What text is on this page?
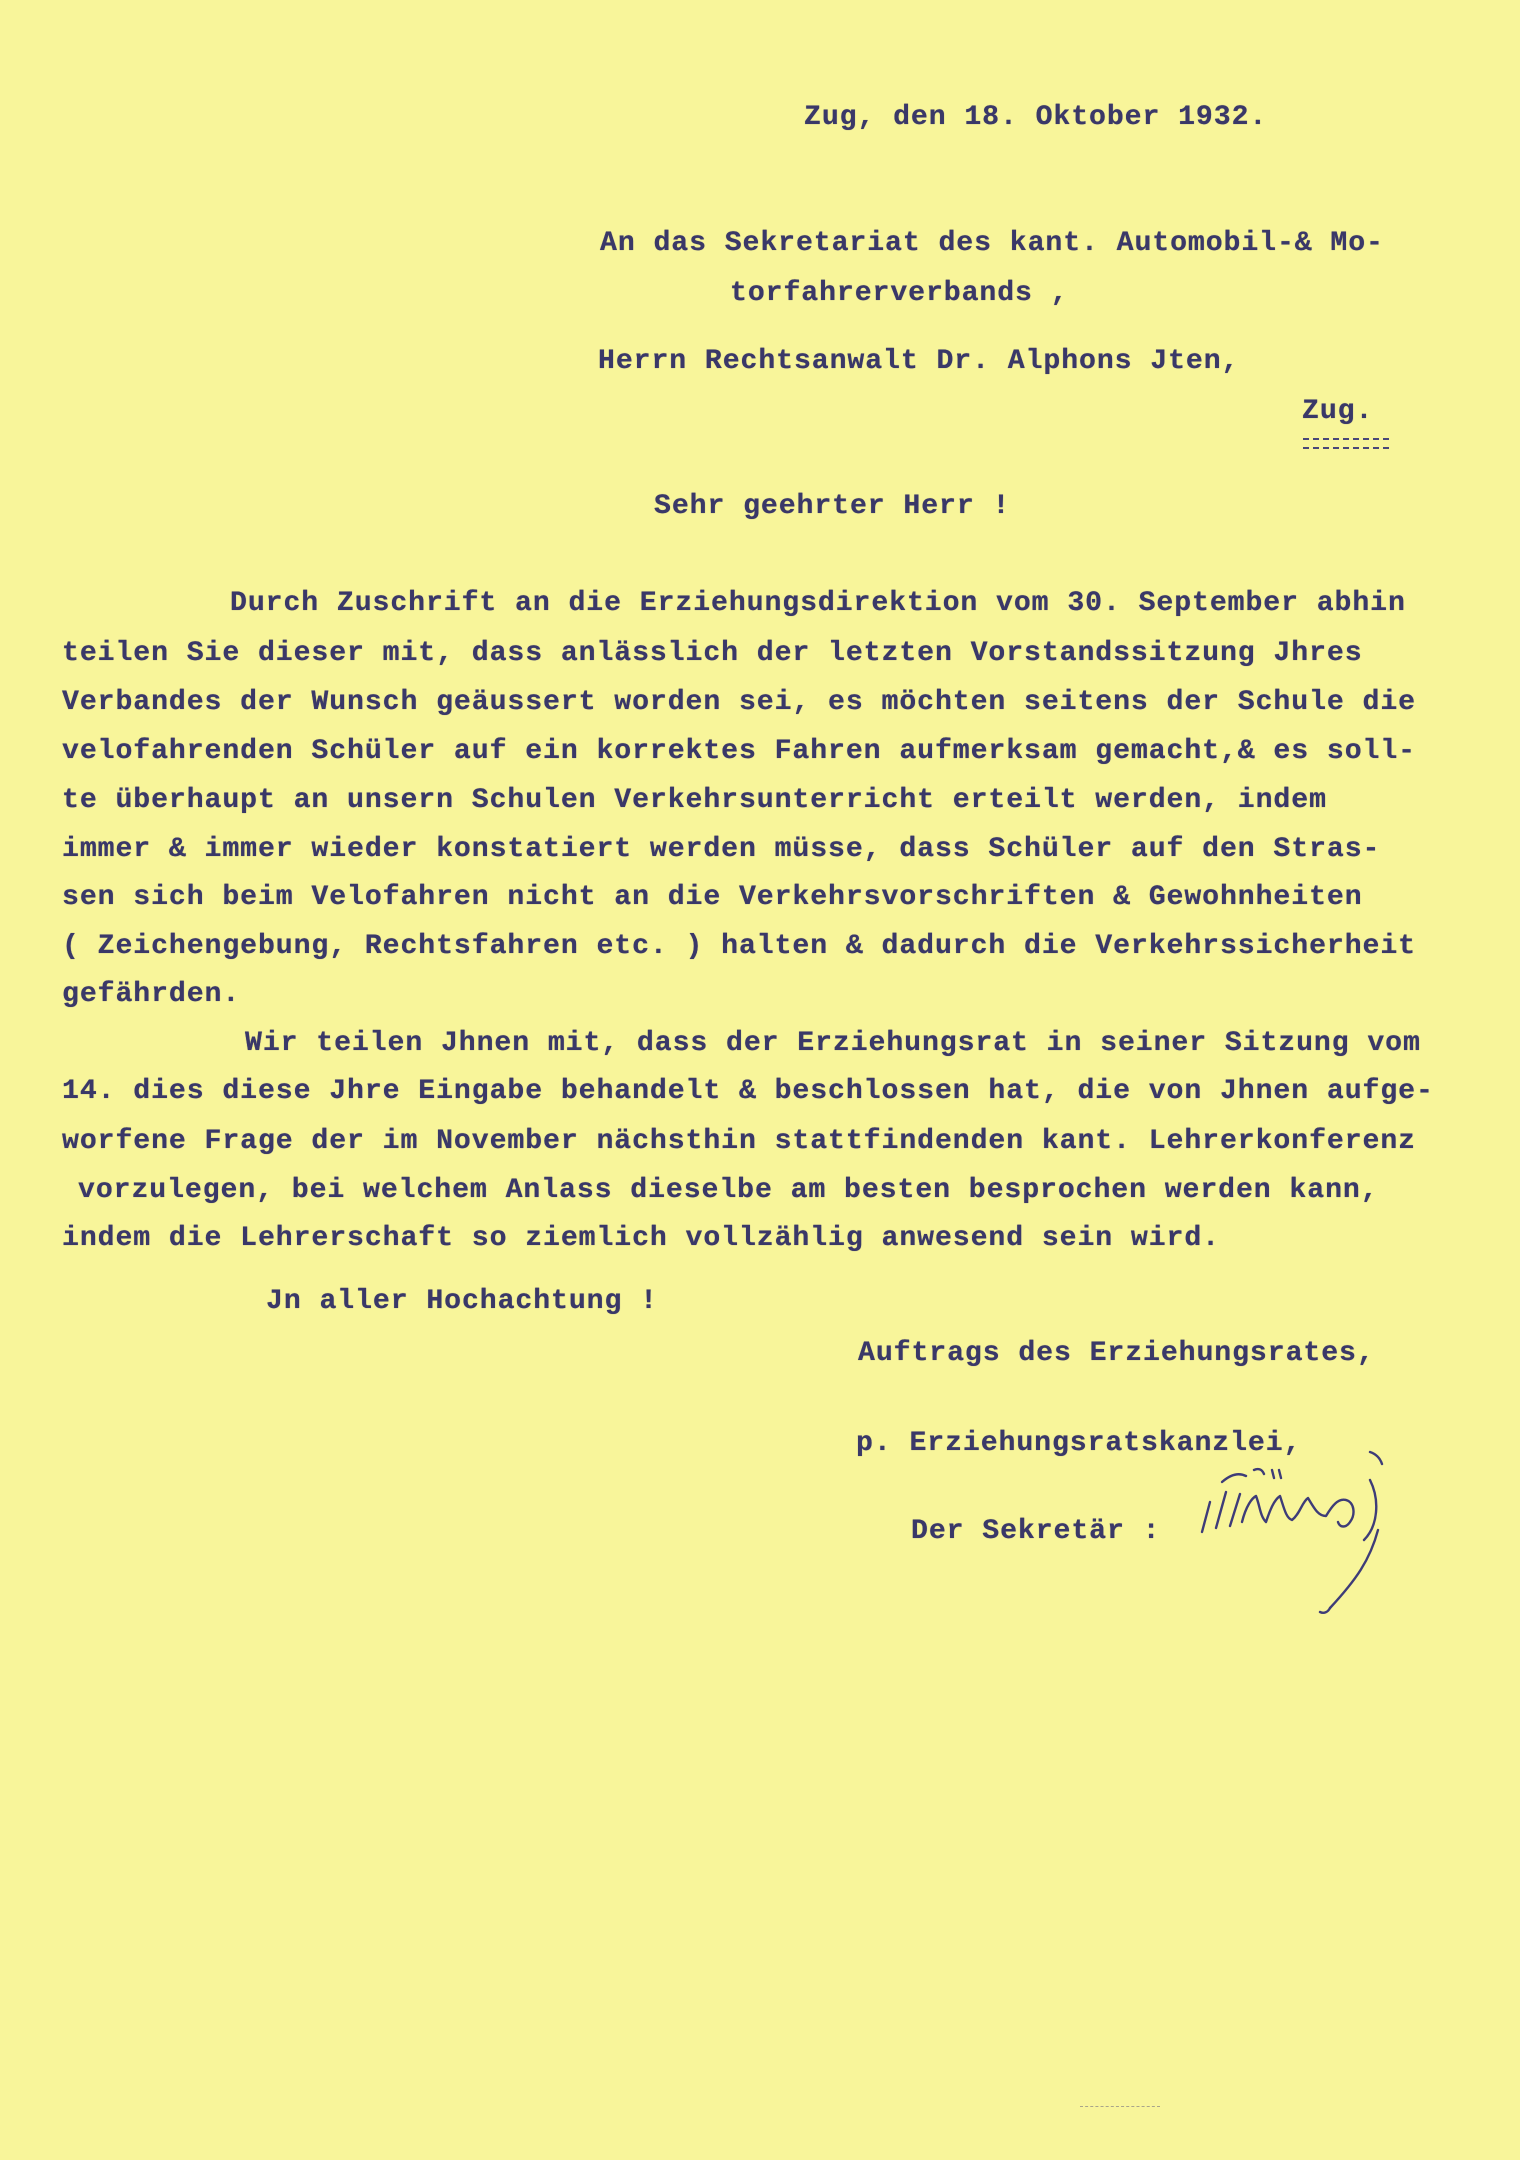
Zug, den 18. Oktober 1932.
An das Sekretariat des kant. Automobil-& Mo-
torfahrerverbands ,
Herrn Rechtsanwalt Dr. Alphons Jten,
Zug.
Sehr geehrter Herr !
Durch Zuschrift an die Erziehungsdirektion vom 30. September abhin
teilen Sie dieser mit, dass anlässlich der letzten Vorstandssitzung Jhres
Verbandes der Wunsch geäussert worden sei, es möchten seitens der Schule die
velofahrenden Schüler auf ein korrektes Fahren aufmerksam gemacht,& es soll-
te überhaupt an unsern Schulen Verkehrsunterricht erteilt werden, indem
immer & immer wieder konstatiert werden müsse, dass Schüler auf den Stras-
sen sich beim Velofahren nicht an die Verkehrsvorschriften & Gewohnheiten
( Zeichengebung, Rechtsfahren etc. ) halten & dadurch die Verkehrssicherheit
gefährden.
Wir teilen Jhnen mit, dass der Erziehungsrat in seiner Sitzung vom
14. dies diese Jhre Eingabe behandelt & beschlossen hat, die von Jhnen aufge-
worfene Frage der im November nächsthin stattfindenden kant. Lehrerkonferenz
vorzulegen, bei welchem Anlass dieselbe am besten besprochen werden kann,
indem die Lehrerschaft so ziemlich vollzählig anwesend sein wird.
Jn aller Hochachtung !
Auftrags des Erziehungsrates,
p. Erziehungsratskanzlei,
Der Sekretär :
